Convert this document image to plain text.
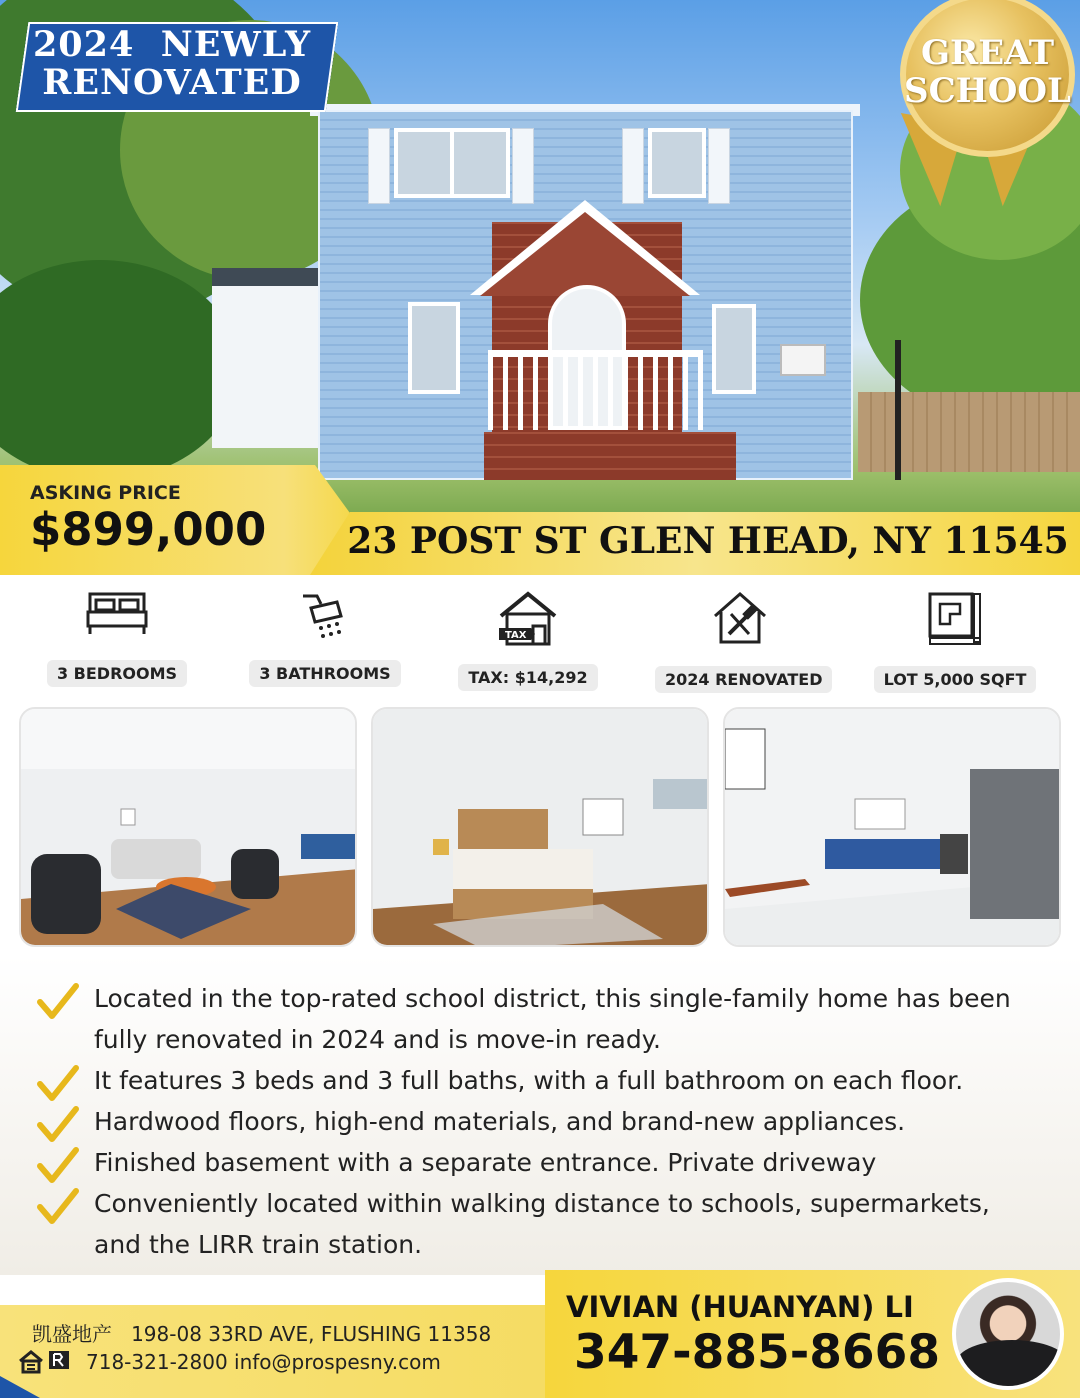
2024  NEWLY
RENOVATED
GREAT
SCHOOL
ASKING PRICE
$899,000	23 POST ST GLEN HEAD, NY 11545
3 BEDROOMS	3 BATHROOMS
TAX
TAX: $14,292	2024 RENOVATED	LOT 5,000 SQFT
Located in the top-rated school district, this single-family home has been
fully renovated in 2024 and is move-in ready.
It features 3 beds and 3 full baths, with a full bathroom on each floor.
Hardwood floors, high-end materials, and brand-new appliances.
Finished basement with a separate entrance. Private driveway
Conveniently located within walking distance to schools, supermarkets,
and the LIRR train station.
凯盛地产 198-08 33RD AVE, FLUSHING 11358
718-321-2800 info@prospesny.com
VIVIAN (HUANYAN) LI
347-885-8668
